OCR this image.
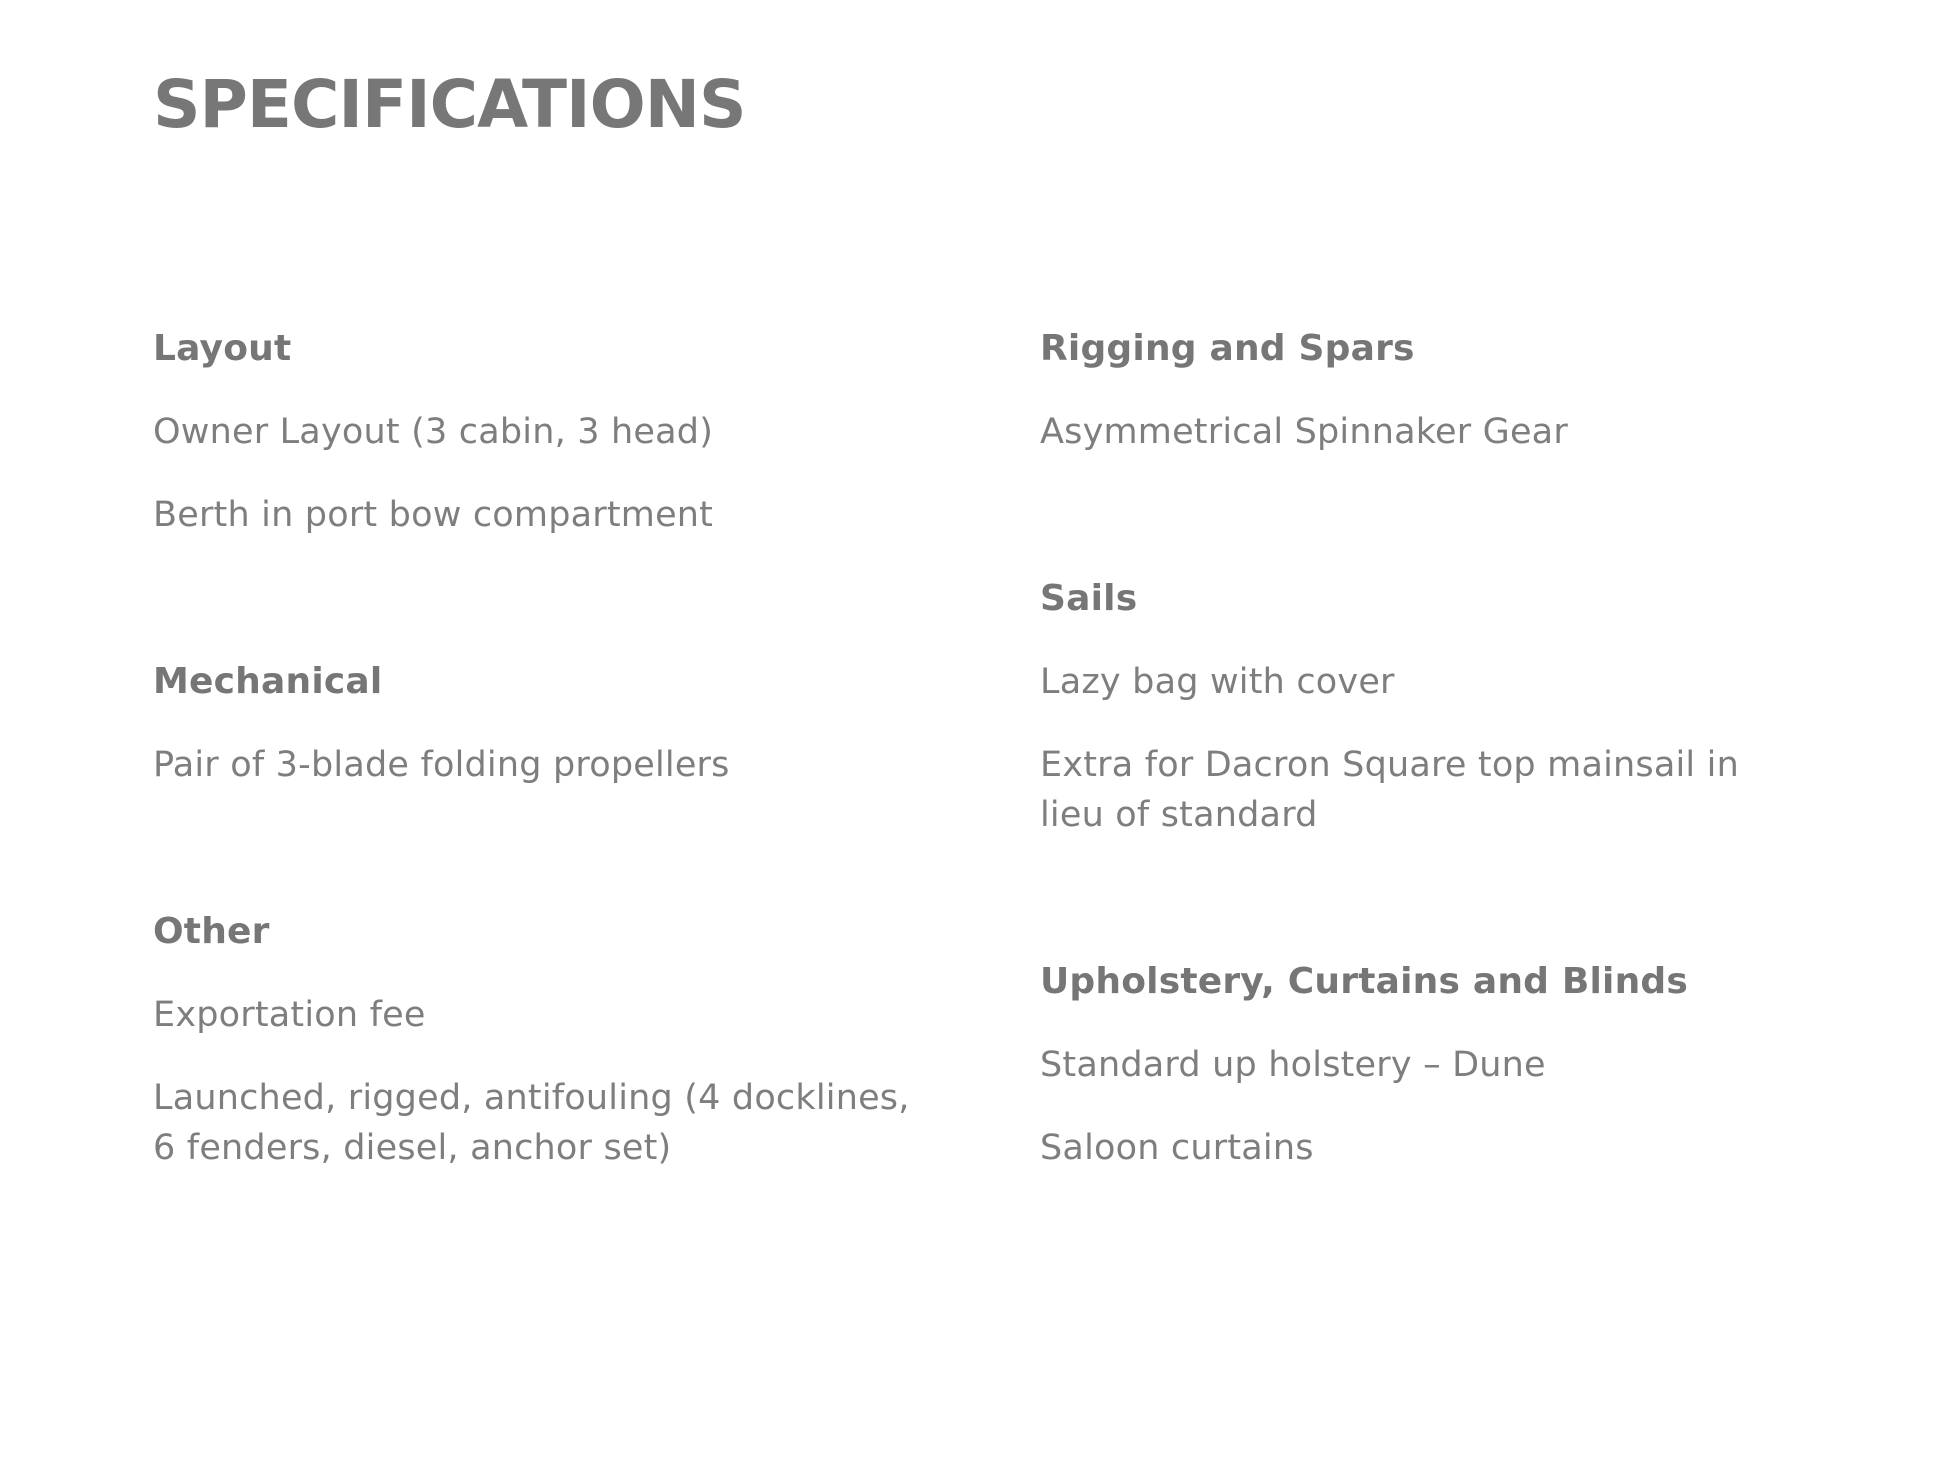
SPECIFICATIONS
Layout

Owner Layout (3 cabin, 3 head)

Berth in port bow compartment

Mechanical

Pair of 3-blade folding propellers

Other

Exportation fee

Launched, rigged, antifouling (4 docklines, 6 fenders, diesel, anchor set)

Rigging and Spars

Asymmetrical Spinnaker Gear

Sails

Lazy bag with cover

Extra for Dacron Square top mainsail in lieu of standard

Upholstery, Curtains and Blinds

Standard up holstery – Dune

Saloon curtains
